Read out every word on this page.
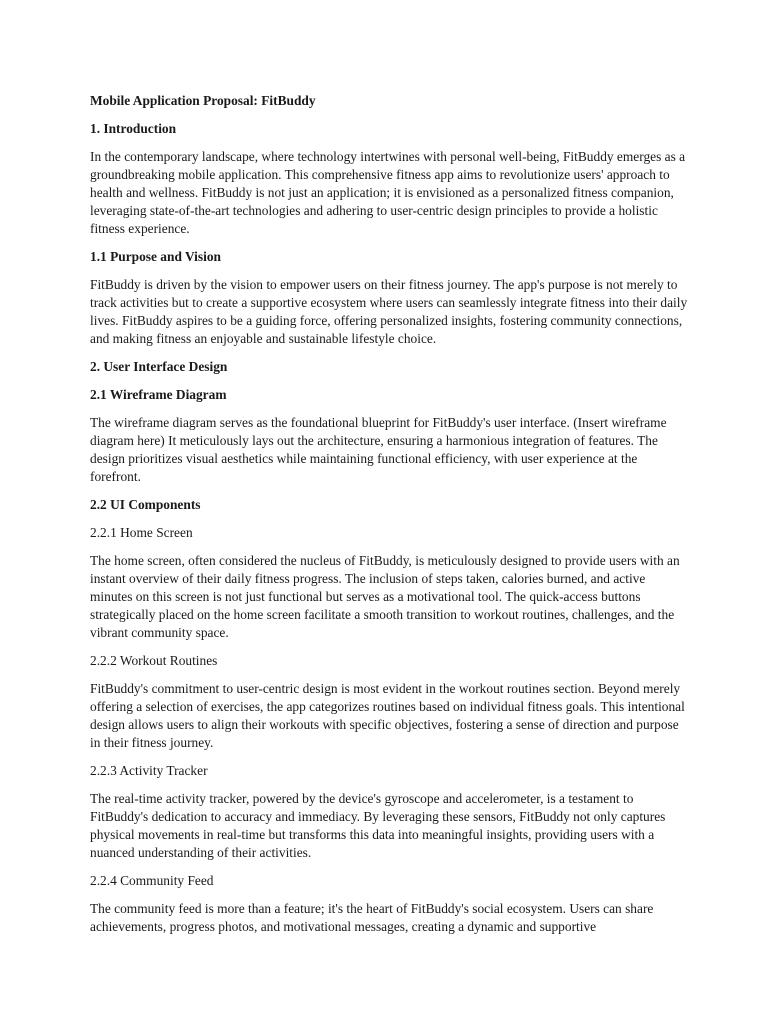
Mobile Application Proposal: FitBuddy

1. Introduction

In the contemporary landscape, where technology intertwines with personal well-being, FitBuddy emerges as a groundbreaking mobile application. This comprehensive fitness app aims to revolutionize users' approach to health and wellness. FitBuddy is not just an application; it is envisioned as a personalized fitness companion, leveraging state-of-the-art technologies and adhering to user-centric design principles to provide a holistic fitness experience.

1.1 Purpose and Vision

FitBuddy is driven by the vision to empower users on their fitness journey. The app's purpose is not merely to track activities but to create a supportive ecosystem where users can seamlessly integrate fitness into their daily lives. FitBuddy aspires to be a guiding force, offering personalized insights, fostering community connections, and making fitness an enjoyable and sustainable lifestyle choice.

2. User Interface Design

2.1 Wireframe Diagram

The wireframe diagram serves as the foundational blueprint for FitBuddy's user interface. (Insert wireframe diagram here) It meticulously lays out the architecture, ensuring a harmonious integration of features. The design prioritizes visual aesthetics while maintaining functional efficiency, with user experience at the forefront.

2.2 UI Components

2.2.1 Home Screen

The home screen, often considered the nucleus of FitBuddy, is meticulously designed to provide users with an instant overview of their daily fitness progress. The inclusion of steps taken, calories burned, and active minutes on this screen is not just functional but serves as a motivational tool. The quick-access buttons strategically placed on the home screen facilitate a smooth transition to workout routines, challenges, and the vibrant community space.

2.2.2 Workout Routines

FitBuddy's commitment to user-centric design is most evident in the workout routines section. Beyond merely offering a selection of exercises, the app categorizes routines based on individual fitness goals. This intentional design allows users to align their workouts with specific objectives, fostering a sense of direction and purpose in their fitness journey.

2.2.3 Activity Tracker

The real-time activity tracker, powered by the device's gyroscope and accelerometer, is a testament to FitBuddy's dedication to accuracy and immediacy. By leveraging these sensors, FitBuddy not only captures physical movements in real-time but transforms this data into meaningful insights, providing users with a nuanced understanding of their activities.

2.2.4 Community Feed

The community feed is more than a feature; it's the heart of FitBuddy's social ecosystem. Users can share achievements, progress photos, and motivational messages, creating a dynamic and supportive
